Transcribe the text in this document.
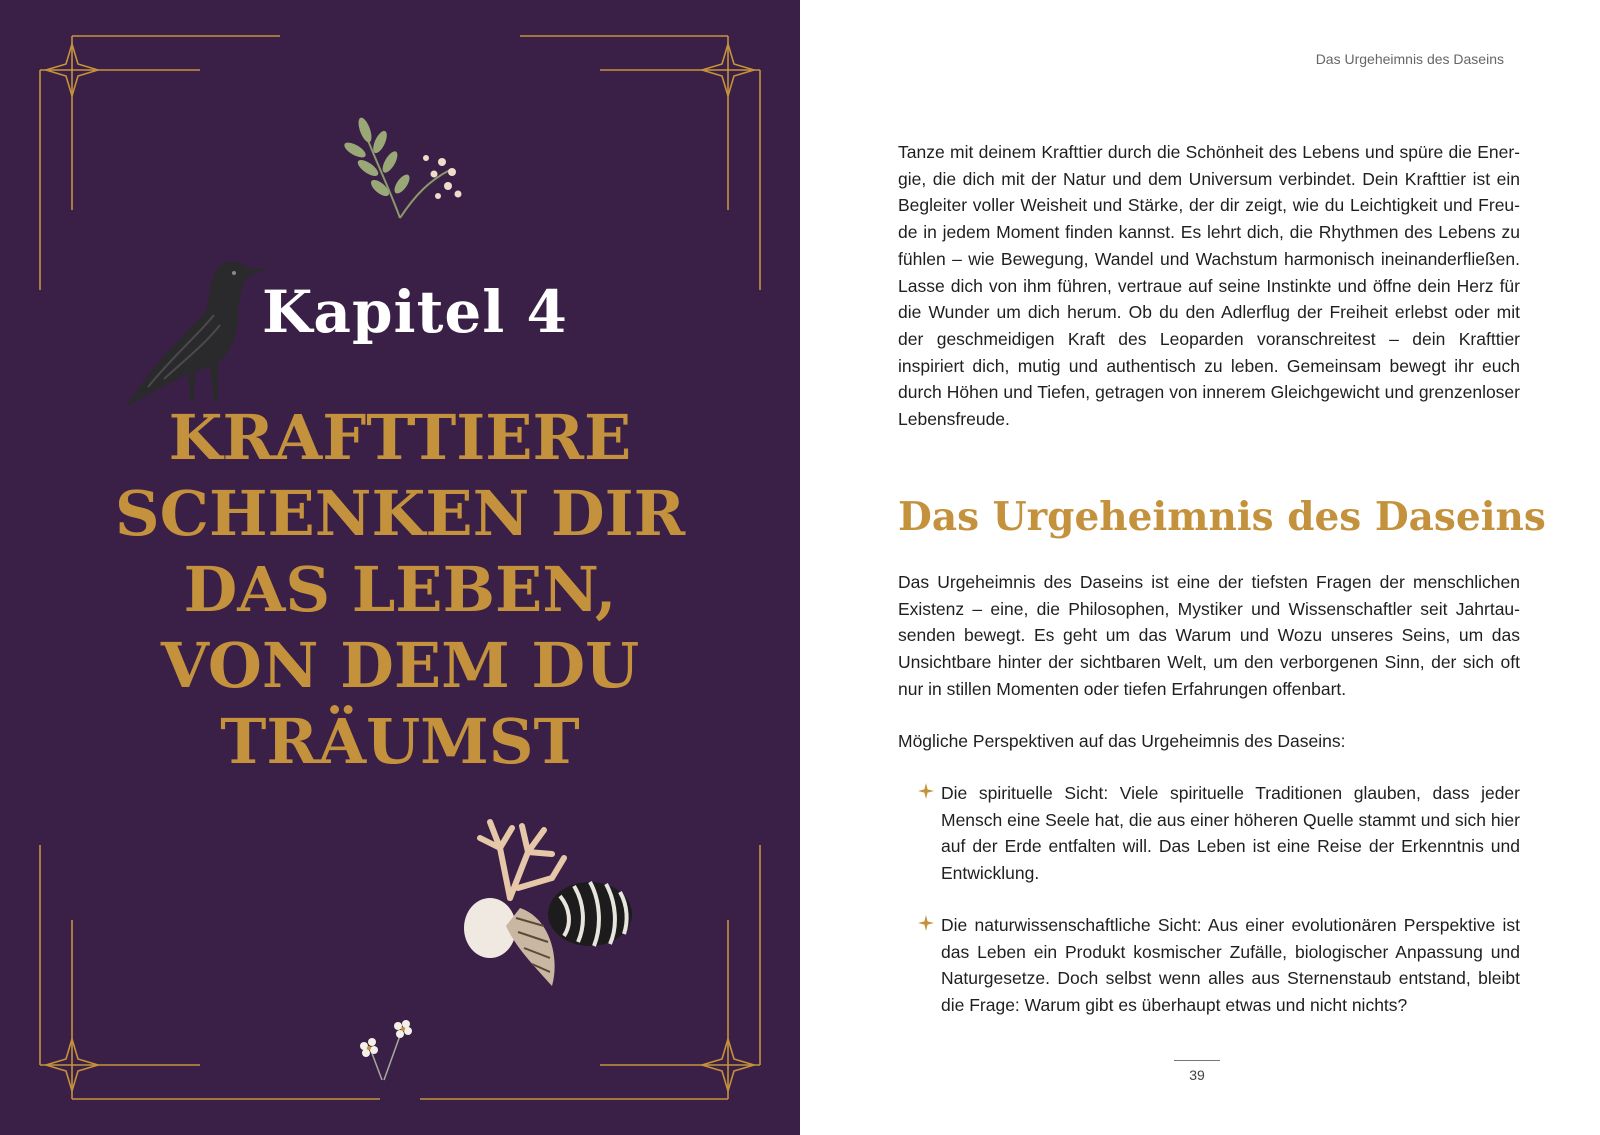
Kapitel 4
KRAFTTIERE
SCHENKEN DIR
DAS LEBEN,
VON DEM DU
TRÄUMST
Das Urgeheimnis des Daseins

Tanze mit deinem Krafttier durch die Schönheit des Lebens und spüre die Energie, die dich mit der Natur und dem Universum verbindet. Dein Krafttier ist ein Begleiter voller Weisheit und Stärke, der dir zeigt, wie du Leichtigkeit und Freude in jedem Moment finden kannst. Es lehrt dich, die Rhythmen des Lebens zu fühlen – wie Bewegung, Wandel und Wachstum harmonisch ineinanderfließen. Lasse dich von ihm führen, vertraue auf seine Instinkte und öffne dein Herz für die Wunder um dich herum. Ob du den Adlerflug der Freiheit erlebst oder mit der geschmeidigen Kraft des Leoparden voranschreitest – dein Krafttier inspiriert dich, mutig und authentisch zu leben. Gemeinsam bewegt ihr euch durch Höhen und Tiefen, getragen von innerem Gleichgewicht und grenzenloser Lebensfreude.

Das Urgeheimnis des Daseins

Das Urgeheimnis des Daseins ist eine der tiefsten Fragen der menschlichen Existenz – eine, die Philosophen, Mystiker und Wissenschaftler seit Jahrtausenden bewegt. Es geht um das Warum und Wozu unseres Seins, um das Unsichtbare hinter der sichtbaren Welt, um den verborgenen Sinn, der sich oft nur in stillen Momenten oder tiefen Erfahrungen offenbart.

Mögliche Perspektiven auf das Urgeheimnis des Daseins:

Die spirituelle Sicht: Viele spirituelle Traditionen glauben, dass jeder Mensch eine Seele hat, die aus einer höheren Quelle stammt und sich hier auf der Erde entfalten will. Das Leben ist eine Reise der Erkenntnis und Entwicklung.
Die naturwissenschaftliche Sicht: Aus einer evolutionären Perspektive ist das Leben ein Produkt kosmischer Zufälle, biologischer Anpassung und Naturgesetze. Doch selbst wenn alles aus Sternenstaub entstand, bleibt die Frage: Warum gibt es überhaupt etwas und nicht nichts?
39
